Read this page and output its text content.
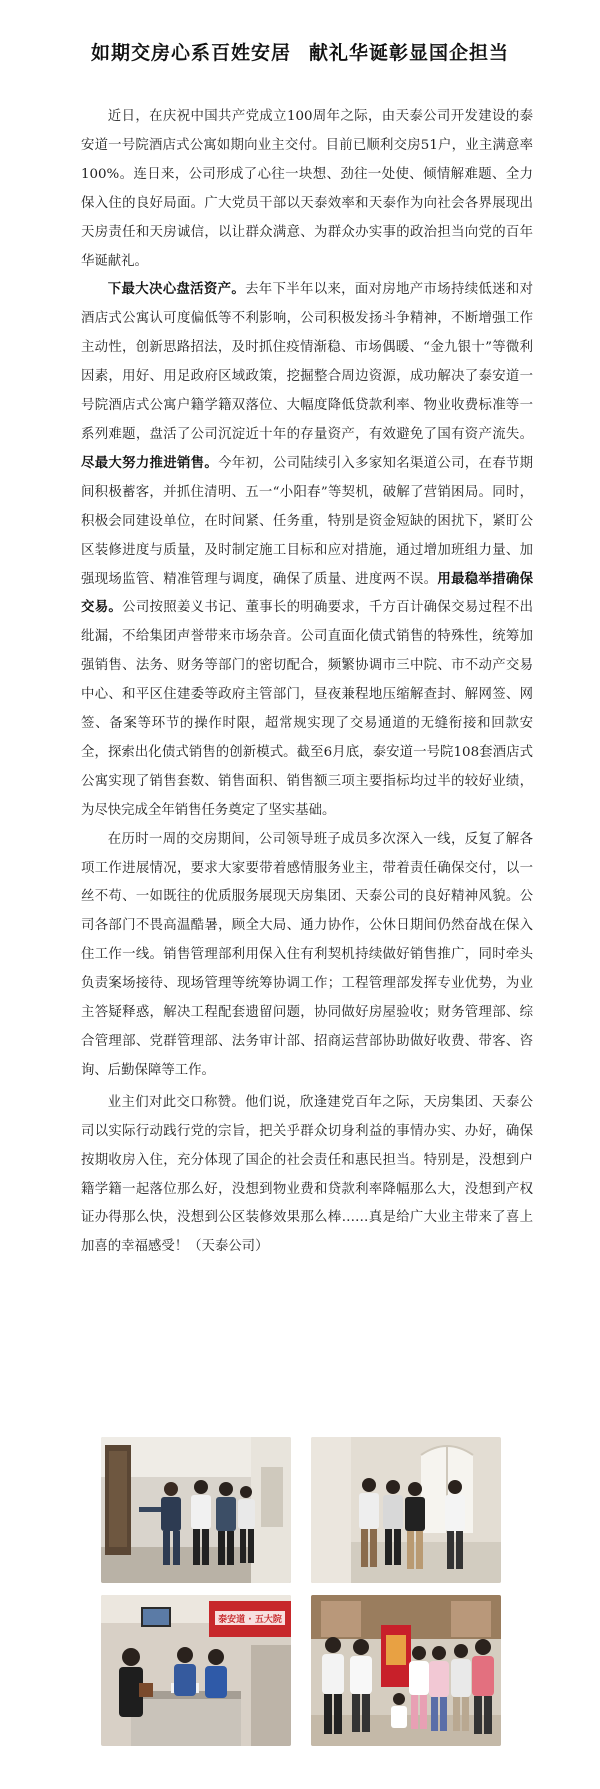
如期交房心系百姓安居 献礼华诞彰显国企担当

近日，在庆祝中国共产党成立100周年之际，由天泰公司开发建设的泰安道一号院酒店式公寓如期向业主交付。目前已顺利交房51户，业主满意率100%。连日来，公司形成了心往一块想、劲往一处使、倾情解难题、全力保入住的良好局面。广大党员干部以天泰效率和天泰作为向社会各界展现出天房责任和天房诚信，以让群众满意、为群众办实事的政治担当向党的百年华诞献礼。

下最大决心盘活资产。去年下半年以来，面对房地产市场持续低迷和对酒店式公寓认可度偏低等不利影响，公司积极发扬斗争精神，不断增强工作主动性，创新思路招法，及时抓住疫情渐稳、市场偶暖、“金九银十”等微利因素，用好、用足政府区域政策，挖掘整合周边资源，成功解决了泰安道一号院酒店式公寓户籍学籍双落位、大幅度降低贷款利率、物业收费标准等一系列难题，盘活了公司沉淀近十年的存量资产，有效避免了国有资产流失。尽最大努力推进销售。今年初，公司陆续引入多家知名渠道公司，在春节期间积极蓄客，并抓住清明、五一“小阳春”等契机，破解了营销困局。同时，积极会同建设单位，在时间紧、任务重，特别是资金短缺的困扰下，紧盯公区装修进度与质量，及时制定施工目标和应对措施，通过增加班组力量、加强现场监管、精准管理与调度，确保了质量、进度两不误。用最稳举措确保交易。公司按照姜义书记、董事长的明确要求，千方百计确保交易过程不出纰漏，不给集团声誉带来市场杂音。公司直面化债式销售的特殊性，统筹加强销售、法务、财务等部门的密切配合，频繁协调市三中院、市不动产交易中心、和平区住建委等政府主管部门，昼夜兼程地压缩解查封、解网签、网签、备案等环节的操作时限，超常规实现了交易通道的无缝衔接和回款安全，探索出化债式销售的创新模式。截至6月底，泰安道一号院108套酒店式公寓实现了销售套数、销售面积、销售额三项主要指标均过半的较好业绩，为尽快完成全年销售任务奠定了坚实基础。

在历时一周的交房期间，公司领导班子成员多次深入一线，反复了解各项工作进展情况，要求大家要带着感情服务业主，带着责任确保交付，以一丝不苟、一如既往的优质服务展现天房集团、天泰公司的良好精神风貌。公司各部门不畏高温酷暑，顾全大局、通力协作，公休日期间仍然奋战在保入住工作一线。销售管理部利用保入住有利契机持续做好销售推广，同时牵头负责案场接待、现场管理等统筹协调工作；工程管理部发挥专业优势，为业主答疑释惑，解决工程配套遗留问题，协同做好房屋验收；财务管理部、综合管理部、党群管理部、法务审计部、招商运营部协助做好收费、带客、咨询、后勤保障等工作。

业主们对此交口称赞。他们说，欣逢建党百年之际，天房集团、天泰公司以实际行动践行党的宗旨，把关乎群众切身利益的事情办实、办好，确保按期收房入住，充分体现了国企的社会责任和惠民担当。特别是，没想到户籍学籍一起落位那么好，没想到物业费和贷款利率降幅那么大，没想到产权证办得那么快，没想到公区装修效果那么棒……真是给广大业主带来了喜上加喜的幸福感受！（天泰公司）

泰安道 · 五大院
